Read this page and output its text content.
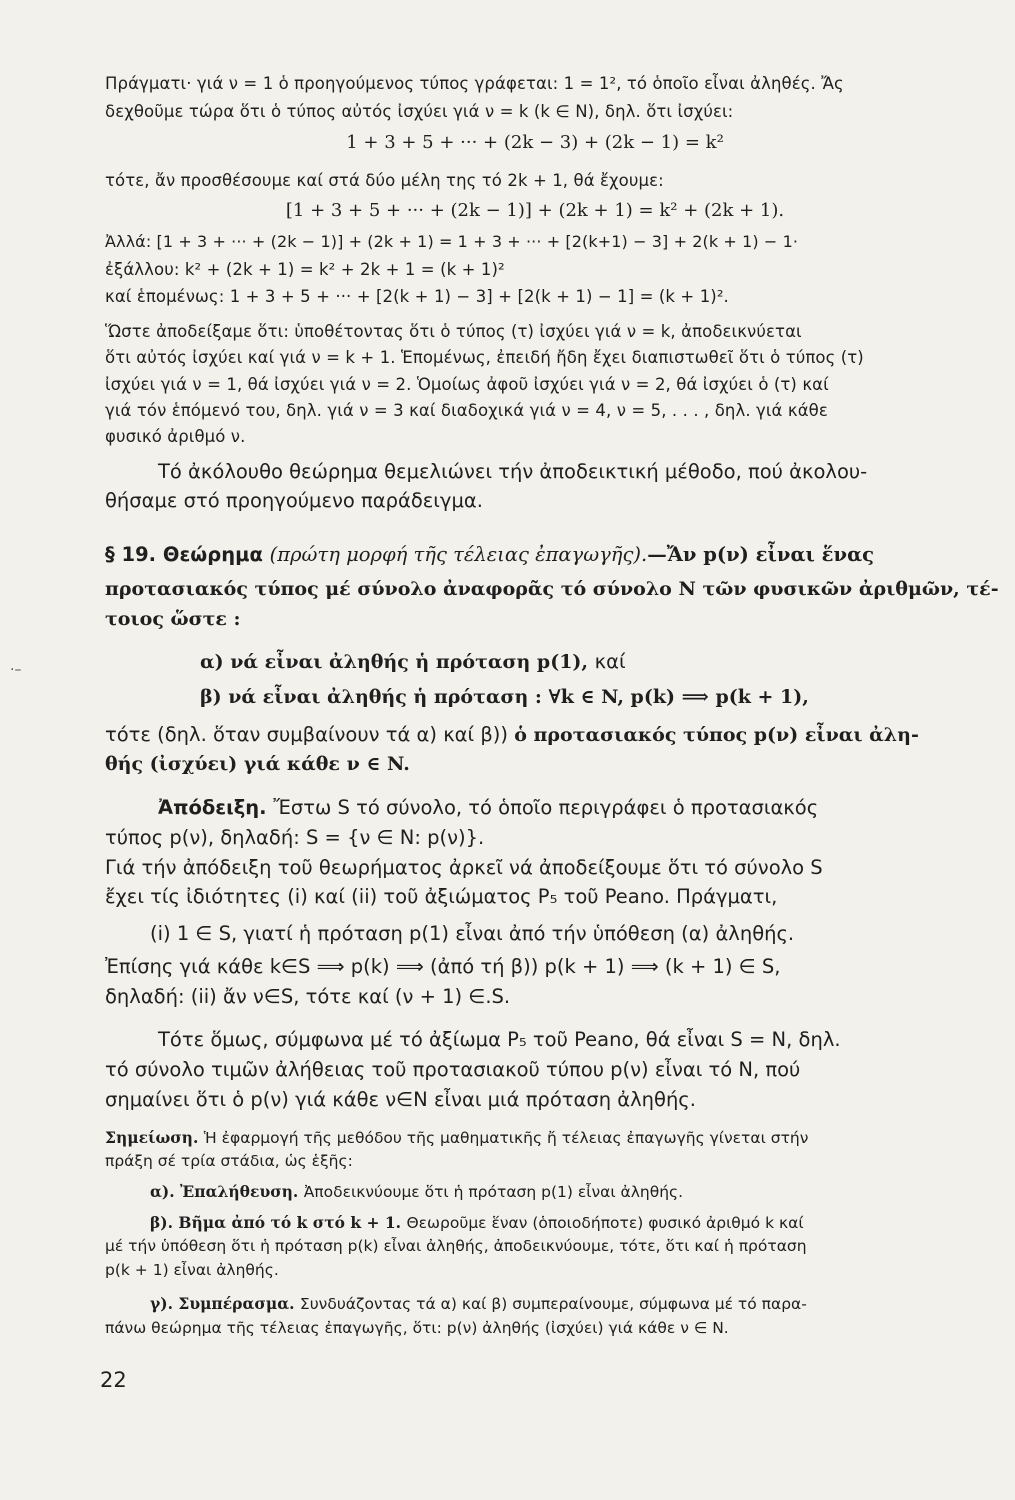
Πράγματι· γιά ν = 1 ὁ προηγούμενος τύπος γράφεται: 1 = 1², τό ὁποῖο εἶναι ἀληθές. Ἄς
δεχθοῦμε τώρα ὅτι ὁ τύπος αὐτός ἰσχύει γιά ν = k (k ∈ N), δηλ. ὅτι ἰσχύει:
1 + 3 + 5 + ··· + (2k − 3) + (2k − 1) = k²
τότε, ἄν προσθέσουμε καί στά δύο μέλη της τό 2k + 1, θά ἔχουμε:
[1 + 3 + 5 + ··· + (2k − 1)] + (2k + 1) = k² + (2k + 1).
Ἀλλά: [1 + 3 + ··· + (2k − 1)] + (2k + 1) = 1 + 3 + ··· + [2(k+1) − 3] + 2(k + 1) − 1·
ἐξάλλου: k² + (2k + 1) = k² + 2k + 1 = (k + 1)²
καί ἑπομένως: 1 + 3 + 5 + ··· + [2(k + 1) − 3] + [2(k + 1) − 1] = (k + 1)².
Ὥστε ἀποδείξαμε ὅτι: ὑποθέτοντας ὅτι ὁ τύπος (τ) ἰσχύει γιά ν = k, ἀποδεικνύεται
ὅτι αὐτός ἰσχύει καί γιά ν = k + 1. Ἑπομένως, ἐπειδή ἤδη ἔχει διαπιστωθεῖ ὅτι ὁ τύπος (τ)
ἰσχύει γιά ν = 1, θά ἰσχύει γιά ν = 2. Ὁμοίως ἀφοῦ ἰσχύει γιά ν = 2, θά ἰσχύει ὁ (τ) καί
γιά τόν ἑπόμενό του, δηλ. γιά ν = 3 καί διαδοχικά γιά ν = 4, ν = 5, . . . , δηλ. γιά κάθε
φυσικό ἀριθμό ν.
Τό ἀκόλουθο θεώρημα θεμελιώνει τήν ἀποδεικτική μέθοδο, πού ἀκολου-
θήσαμε στό προηγούμενο παράδειγμα.
§ 19. Θεώρημα (πρώτη μορφή τῆς τέλειας ἐπαγωγῆς).—Ἄν p(ν) εἶναι ἕνας
προτασιακός τύπος μέ σύνολο ἀναφορᾶς τό σύνολο N τῶν φυσικῶν ἀριθμῶν, τέ-
τοιος ὥστε :
α) νά εἶναι ἀληθής ἡ πρόταση p(1), καί
β) νά εἶναι ἀληθής ἡ πρόταση : ∀k ∈ N, p(k) ⟹ p(k + 1),
τότε (δηλ. ὅταν συμβαίνουν τά α) καί β)) ὁ προτασιακός τύπος p(ν) εἶναι ἀλη-
θής (ἰσχύει) γιά κάθε ν ∈ N.
Ἀπόδειξη. Ἔστω S τό σύνολο, τό ὁποῖο περιγράφει ὁ προτασιακός
τύπος p(ν), δηλαδή: S = {ν ∈ N: p(ν)}.
Γιά τήν ἀπόδειξη τοῦ θεωρήματος ἀρκεῖ νά ἀποδείξουμε ὅτι τό σύνολο S
ἔχει τίς ἰδιότητες (i) καί (ii) τοῦ ἀξιώματος P₅ τοῦ Peano. Πράγματι,
(i) 1 ∈ S, γιατί ἡ πρόταση p(1) εἶναι ἀπό τήν ὑπόθεση (α) ἀληθής.
Ἐπίσης γιά κάθε k∈S ⟹ p(k) ⟹ (ἀπό τή β)) p(k + 1) ⟹ (k + 1) ∈ S,
δηλαδή: (ii) ἄν ν∈S, τότε καί (ν + 1) ∈.S.
Τότε ὅμως, σύμφωνα μέ τό ἀξίωμα P₅ τοῦ Peano, θά εἶναι S = N, δηλ.
τό σύνολο τιμῶν ἀλήθειας τοῦ προτασιακοῦ τύπου p(ν) εἶναι τό N, πού
σημαίνει ὅτι ὁ p(ν) γιά κάθε ν∈N εἶναι μιά πρόταση ἀληθής.
Σημείωση. Ἡ ἐφαρμογή τῆς μεθόδου τῆς μαθηματικῆς ἤ τέλειας ἐπαγωγῆς γίνεται στήν
πράξη σέ τρία στάδια, ὡς ἑξῆς:
α). Ἐπαλήθευση. Ἀποδεικνύουμε ὅτι ἡ πρόταση p(1) εἶναι ἀληθής.
β). Βῆμα ἀπό τό k στό k + 1. Θεωροῦμε ἕναν (ὁποιοδήποτε) φυσικό ἀριθμό k καί
μέ τήν ὑπόθεση ὅτι ἡ πρόταση p(k) εἶναι ἀληθής, ἀποδεικνύουμε, τότε, ὅτι καί ἡ πρόταση
p(k + 1) εἶναι ἀληθής.
γ). Συμπέρασμα. Συνδυάζοντας τά α) καί β) συμπεραίνουμε, σύμφωνα μέ τό παρα-
πάνω θεώρημα τῆς τέλειας ἐπαγωγῆς, ὅτι: p(ν) ἀληθής (ἰσχύει) γιά κάθε ν ∈ N.
·–
22
